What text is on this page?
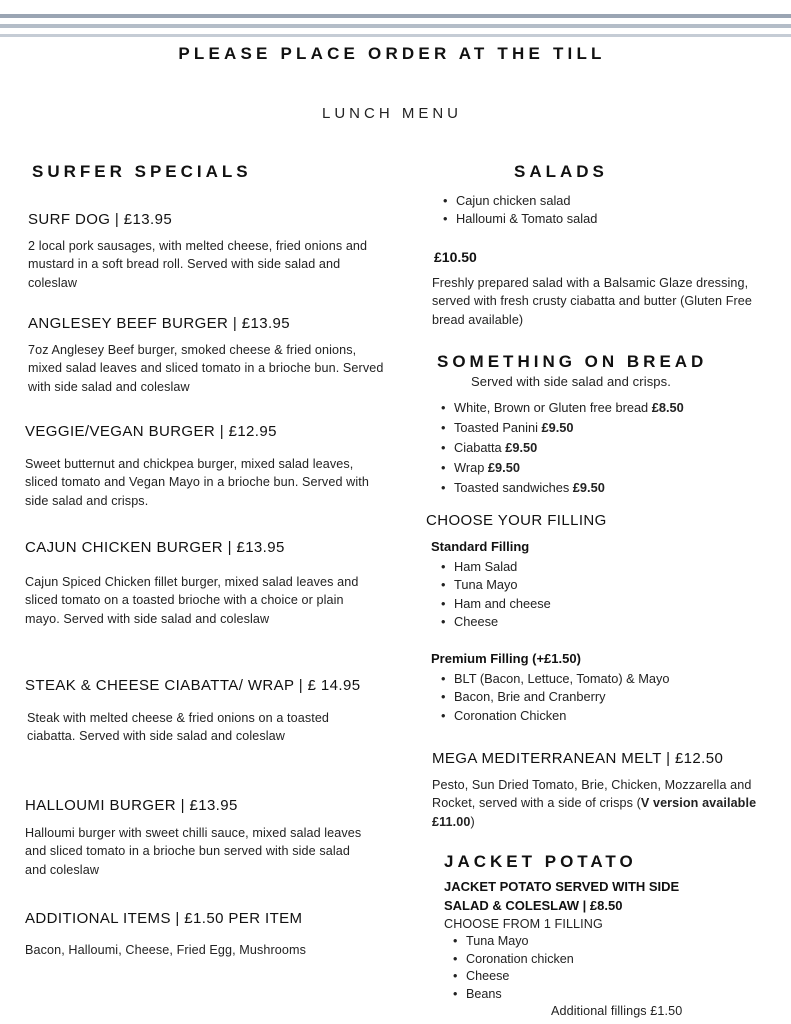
PLEASE PLACE ORDER AT THE TILL
LUNCH MENU
SURFER SPECIALS
SURF DOG | £13.95
2 local pork sausages, with melted cheese, fried onions and mustard in a soft bread roll. Served with side salad and coleslaw
ANGLESEY BEEF BURGER | £13.95
7oz Anglesey Beef burger, smoked cheese & fried onions, mixed salad leaves and sliced tomato in a brioche bun. Served with side salad and coleslaw
VEGGIE/VEGAN BURGER | £12.95
Sweet butternut and chickpea burger, mixed salad leaves, sliced tomato and Vegan Mayo in a brioche bun. Served with side salad and crisps.
CAJUN CHICKEN BURGER | £13.95
Cajun Spiced Chicken fillet burger, mixed salad leaves and sliced tomato on a toasted brioche with a choice or plain mayo. Served with side salad and coleslaw
STEAK & CHEESE CIABATTA/ WRAP | £ 14.95
Steak with melted cheese & fried onions on a toasted ciabatta. Served with side salad and coleslaw
HALLOUMI BURGER | £13.95
Halloumi burger with sweet chilli sauce, mixed salad leaves and sliced tomato in a brioche bun served with side salad and coleslaw
ADDITIONAL ITEMS | £1.50 PER ITEM
Bacon, Halloumi, Cheese, Fried Egg, Mushrooms
SALADS
• Cajun chicken salad
• Halloumi & Tomato salad
£10.50
Freshly prepared salad with a Balsamic Glaze dressing, served with fresh crusty ciabatta and butter (Gluten Free bread available)
SOMETHING ON BREAD
Served with side salad and crisps.
• White, Brown or Gluten free bread £8.50
• Toasted Panini £9.50
• Ciabatta £9.50
• Wrap £9.50
• Toasted sandwiches £9.50
CHOOSE YOUR FILLING
Standard Filling
• Ham Salad
• Tuna Mayo
• Ham and cheese
• Cheese
Premium Filling (+£1.50)
• BLT (Bacon, Lettuce, Tomato) & Mayo
• Bacon, Brie and Cranberry
• Coronation Chicken
MEGA MEDITERRANEAN MELT | £12.50
Pesto, Sun Dried Tomato, Brie, Chicken, Mozzarella and Rocket, served with a side of crisps (V version available £11.00)
JACKET POTATO
JACKET POTATO SERVED WITH SIDE
SALAD & COLESLAW | £8.50
CHOOSE FROM 1 FILLING
• Tuna Mayo
• Coronation chicken
• Cheese
• Beans
Additional fillings £1.50
